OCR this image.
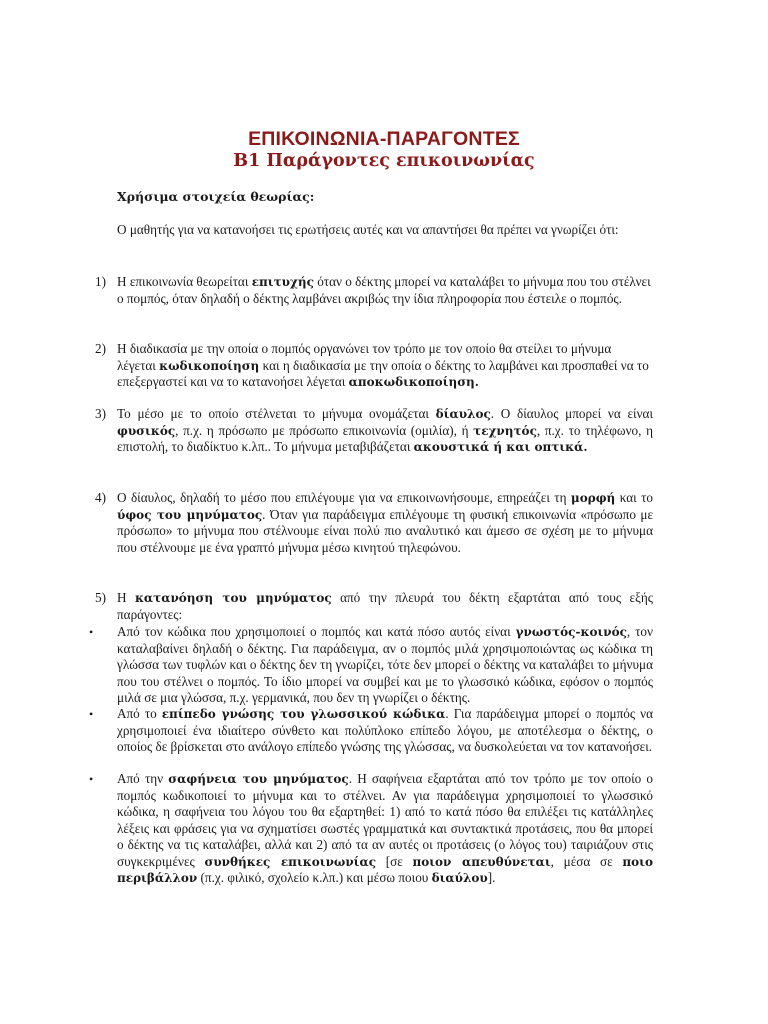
ΕΠΙΚΟΙΝΩΝΙΑ-ΠΑΡΑΓΟΝΤΕΣ
Β1 Παράγοντες επικοινωνίας
Χρήσιμα στοιχεία θεωρίας:
Ο μαθητής για να κατανοήσει τις ερωτήσεις αυτές και να απαντήσει θα πρέπει να γνωρίζει ότι:
1) Η επικοινωνία θεωρείται επιτυχής όταν ο δέκτης μπορεί να καταλάβει το μήνυμα που του στέλνει ο πομπός, όταν δηλαδή ο δέκτης λαμβάνει ακριβώς την ίδια πληροφορία που έστειλε ο πομπός.
2) Η διαδικασία με την οποία ο πομπός οργανώνει τον τρόπο με τον οποίο θα στείλει το μήνυμα λέγεται κωδικοποίηση και η διαδικασία με την οποία ο δέκτης το λαμβάνει και προσπαθεί να το επεξεργαστεί και να το κατανοήσει λέγεται αποκωδικοποίηση.
3) Το μέσο με το οποίο στέλνεται το μήνυμα ονομάζεται δίαυλος. Ο δίαυλος μπορεί να είναι φυσικός, π.χ. η πρόσωπο με πρόσωπο επικοινωνία (ομιλία), ή τεχνητός, π.χ. το τηλέφωνο, η επιστολή, το διαδίκτυο κ.λπ.. Το μήνυμα μεταβιβάζεται ακουστικά ή και οπτικά.
4) Ο δίαυλος, δηλαδή το μέσο που επιλέγουμε για να επικοινωνήσουμε, επηρεάζει τη μορφή και το ύφος του μηνύματος. Όταν για παράδειγμα επιλέγουμε τη φυσική επικοινωνία «πρόσωπο με πρόσωπο» το μήνυμα που στέλνουμε είναι πολύ πιο αναλυτικό και άμεσο σε σχέση με το μήνυμα που στέλνουμε με ένα γραπτό μήνυμα μέσω κινητού τηλεφώνου.
5) Η κατανόηση του μηνύματος από την πλευρά του δέκτη εξαρτάται από τους εξής παράγοντες:
• Από τον κώδικα που χρησιμοποιεί ο πομπός και κατά πόσο αυτός είναι γνωστός-κοινός, τον καταλαβαίνει δηλαδή ο δέκτης. Για παράδειγμα, αν ο πομπός μιλά χρησιμοποιώντας ως κώδικα τη γλώσσα των τυφλών και ο δέκτης δεν τη γνωρίζει, τότε δεν μπορεί ο δέκτης να καταλάβει το μήνυμα που του στέλνει ο πομπός. Το ίδιο μπορεί να συμβεί και με το γλωσσικό κώδικα, εφόσον ο πομπός μιλά σε μια γλώσσα, π.χ. γερμανικά, που δεν τη γνωρίζει ο δέκτης.
• Από το επίπεδο γνώσης του γλωσσικού κώδικα. Για παράδειγμα μπορεί ο πομπός να χρησιμοποιεί ένα ιδιαίτερο σύνθετο και πολύπλοκο επίπεδο λόγου, με αποτέλεσμα ο δέκτης, ο οποίος δε βρίσκεται στο ανάλογο επίπεδο γνώσης της γλώσσας, να δυσκολεύεται να τον κατανοήσει.
• Από την σαφήνεια του μηνύματος. Η σαφήνεια εξαρτάται από τον τρόπο με τον οποίο ο πομπός κωδικοποιεί το μήνυμα και το στέλνει. Αν για παράδειγμα χρησιμοποιεί το γλωσσικό κώδικα, η σαφήνεια του λόγου του θα εξαρτηθεί: 1) από το κατά πόσο θα επιλέξει τις κατάλληλες λέξεις και φράσεις για να σχηματίσει σωστές γραμματικά και συντακτικά προτάσεις, που θα μπορεί ο δέκτης να τις καταλάβει, αλλά και 2) από τα αν αυτές οι προτάσεις (ο λόγος του) ταιριάζουν στις συγκεκριμένες συνθήκες επικοινωνίας [σε ποιον απευθύνεται, μέσα σε ποιο περιβάλλον (π.χ. φιλικό, σχολείο κ.λπ.) και μέσω ποιου διαύλου].
